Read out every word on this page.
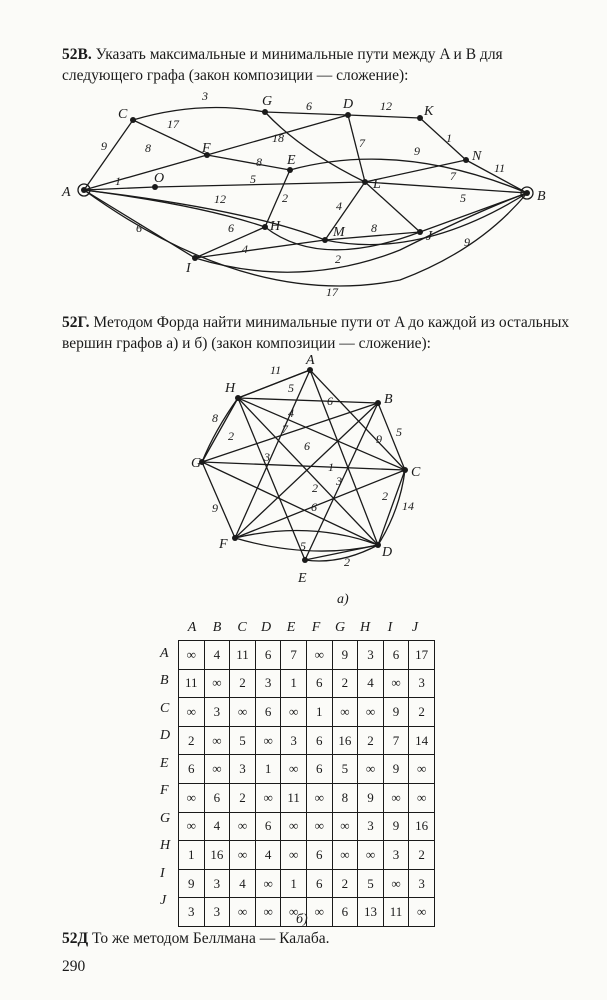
52В. Указать максимальные и минимальные пути между A и B для следующего графа (закон композиции — сложение):
52Г. Методом Форда найти минимальные пути от A до каждой из остальных вершин графов а) и б) (закон композиции — сложение):
A	B
C
G	D	K
F
E	N
O	L
H	M	J
I
9	8
17
3
6	12
1
18
8
7
9
7
11
1	5
2
12	4
6
4
8
2
5
9
17
6
A
B
C
D
E
F
G
H
11
5
8
2
4
7
6
3
6
5
9
1
2 3
6
9
2
14
2
5
а)
A	B	C	D	E	F	G	H	I	J
A
B
C
D
E
F
G
H
I
J
∞	4	11	6	7	∞	9	3	6	17
11	∞	2	3	1	6	2	4	∞	3
∞	3	∞	6	∞	1	∞	∞	9	2
2	∞	5	∞	3	6	16	2	7	14
6	∞	3	1	∞	6	5	∞	9	∞
∞	6	2	∞	11	∞	8	9	∞	∞
∞	4	∞	6	∞	∞	∞	3	9	16
1	16	∞	4	∞	6	∞	∞	3	2
9	3	4	∞	1	6	2	5	∞	3
3	3	∞	∞	∞	∞	6	13	11	∞
б)
52Д То же методом Беллмана — Калаба.
290
